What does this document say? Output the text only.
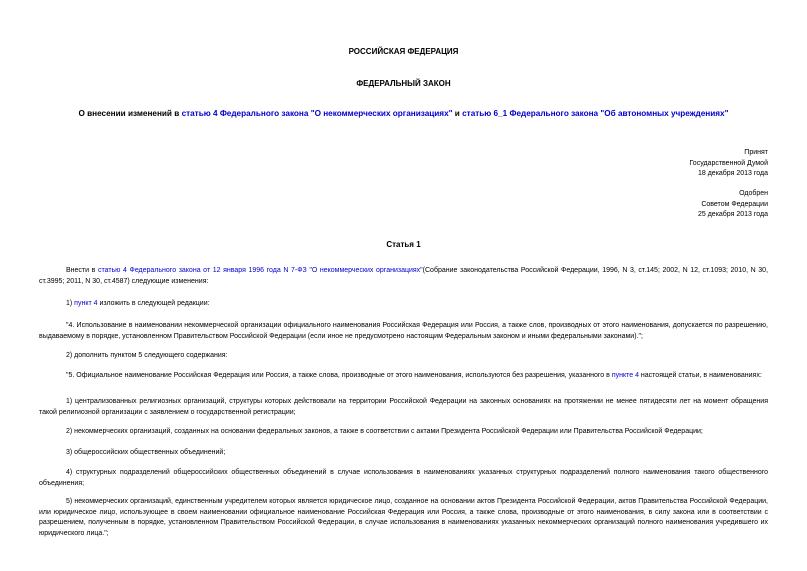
РОССИЙСКАЯ ФЕДЕРАЦИЯ
ФЕДЕРАЛЬНЫЙ ЗАКОН
О внесении изменений в статью 4 Федерального закона "О некоммерческих организациях" и статью 6_1 Федерального закона "Об автономных учреждениях"
Принят
Государственной Думой
18 декабря 2013 года
Одобрен
Советом Федерации
25 декабря 2013 года
Статья 1
Внести в статью 4 Федерального закона от 12 января 1996 года N 7-ФЗ "О некоммерческих организациях"(Собрание законодательства Российской Федерации, 1996, N 3, ст.145; 2002, N 12, ст.1093; 2010, N 30, ст.3995; 2011, N 30, ст.4587) следующие изменения:
1) пункт 4 изложить в следующей редакции:
"4. Использование в наименовании некоммерческой организации официального наименования Российская Федерация или Россия, а также слов, производных от этого наименования, допускается по разрешению, выдаваемому в порядке, установленном Правительством Российской Федерации (если иное не предусмотрено настоящим Федеральным законом и иными федеральными законами).";
2) дополнить пунктом 5 следующего содержания:
"5. Официальное наименование Российская Федерация или Россия, а также слова, производные от этого наименования, используются без разрешения, указанного в пункте 4 настоящей статьи, в наименованиях:
1) централизованных религиозных организаций, структуры которых действовали на территории Российской Федерации на законных основаниях на протяжении не менее пятидесяти лет на момент обращения такой религиозной организации с заявлением о государственной регистрации;
2) некоммерческих организаций, созданных на основании федеральных законов, а также в соответствии с актами Президента Российской Федерации или Правительства Российской Федерации;
3) общероссийских общественных объединений;
4) структурных подразделений общероссийских общественных объединений в случае использования в наименованиях указанных структурных подразделений полного наименования такого общественного объединения;
5) некоммерческих организаций, единственным учредителем которых является юридическое лицо, созданное на основании актов Президента Российской Федерации, актов Правительства Российской Федерации, или юридическое лицо, использующее в своем наименовании официальное наименование Российская Федерация или Россия, а также слова, производные от этого наименования, в силу закона или в соответствии с разрешением, полученным в порядке, установленном Правительством Российской Федерации, в случае использования в наименованиях указанных некоммерческих организаций полного наименования учредившего их юридического лица.";
